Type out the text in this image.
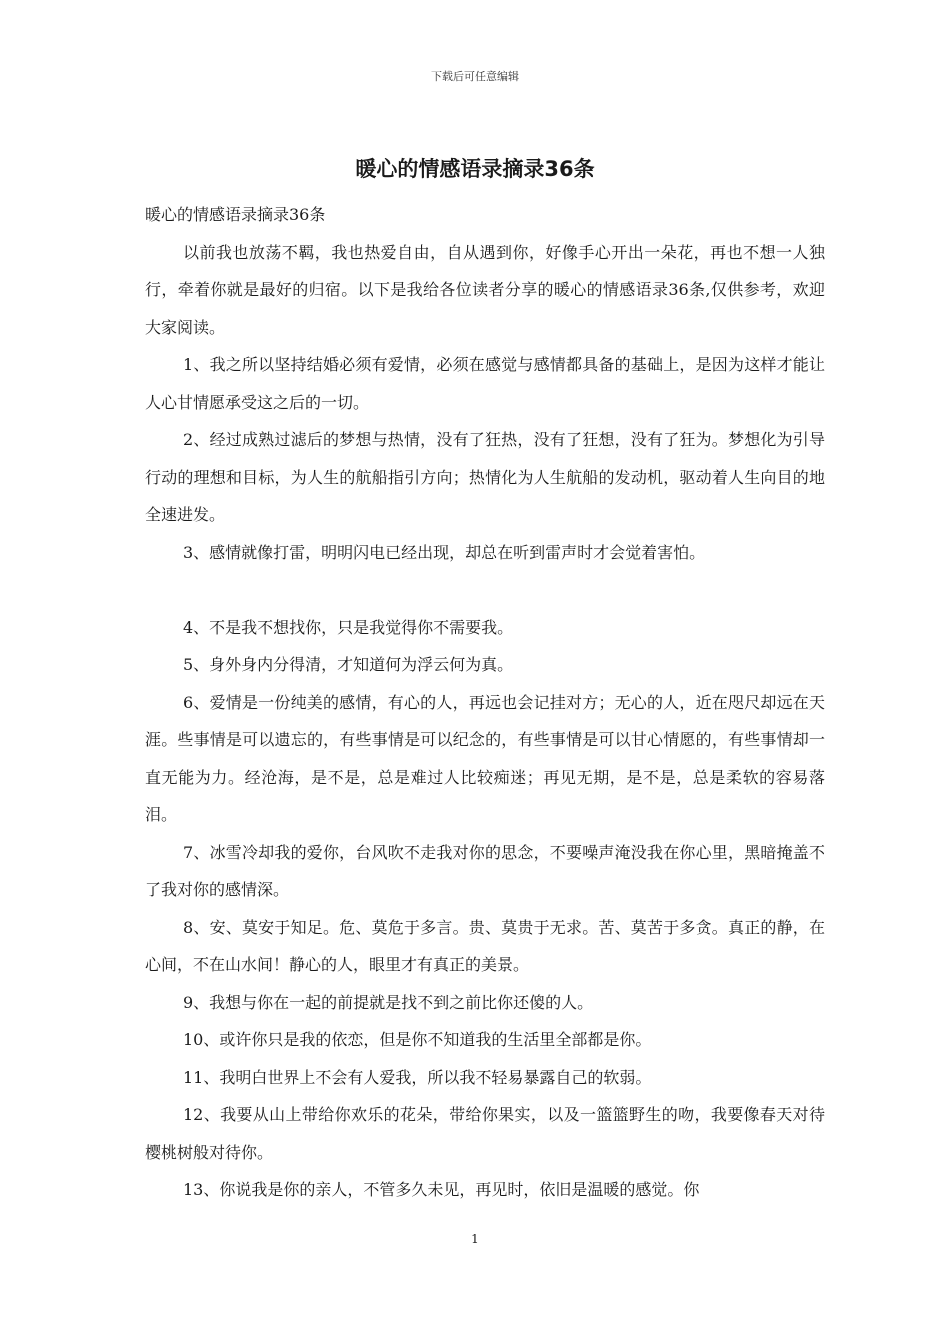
下载后可任意编辑
暖心的情感语录摘录36条

暖心的情感语录摘录36条

以前我也放荡不羁，我也热爱自由，自从遇到你，好像手心开出一朵花，再也不想一人独行，牵着你就是最好的归宿。以下是我给各位读者分享的暖心的情感语录36条,仅供参考，欢迎大家阅读。

1、我之所以坚持结婚必须有爱情，必须在感觉与感情都具备的基础上，是因为这样才能让人心甘情愿承受这之后的一切。

2、经过成熟过滤后的梦想与热情，没有了狂热，没有了狂想，没有了狂为。梦想化为引导行动的理想和目标，为人生的航船指引方向；热情化为人生航船的发动机，驱动着人生向目的地全速进发。

3、感情就像打雷，明明闪电已经出现，却总在听到雷声时才会觉着害怕。

4、不是我不想找你，只是我觉得你不需要我。

5、身外身内分得清，才知道何为浮云何为真。

6、爱情是一份纯美的感情，有心的人，再远也会记挂对方；无心的人，近在咫尺却远在天涯。些事情是可以遗忘的，有些事情是可以纪念的，有些事情是可以甘心情愿的，有些事情却一直无能为力。经沧海，是不是，总是难过人比较痴迷；再见无期，是不是，总是柔软的容易落泪。

7、冰雪冷却我的爱你，台风吹不走我对你的思念，不要噪声淹没我在你心里，黑暗掩盖不了我对你的感情深。

8、安、莫安于知足。危、莫危于多言。贵、莫贵于无求。苦、莫苦于多贪。真正的静，在心间，不在山水间！静心的人，眼里才有真正的美景。

9、我想与你在一起的前提就是找不到之前比你还傻的人。

10、或许你只是我的依恋，但是你不知道我的生活里全部都是你。

11、我明白世界上不会有人爱我，所以我不轻易暴露自己的软弱。

12、我要从山上带给你欢乐的花朵，带给你果实，以及一篮篮野生的吻，我要像春天对待樱桃树般对待你。

13、你说我是你的亲人，不管多久未见，再见时，依旧是温暖的感觉。你

1
